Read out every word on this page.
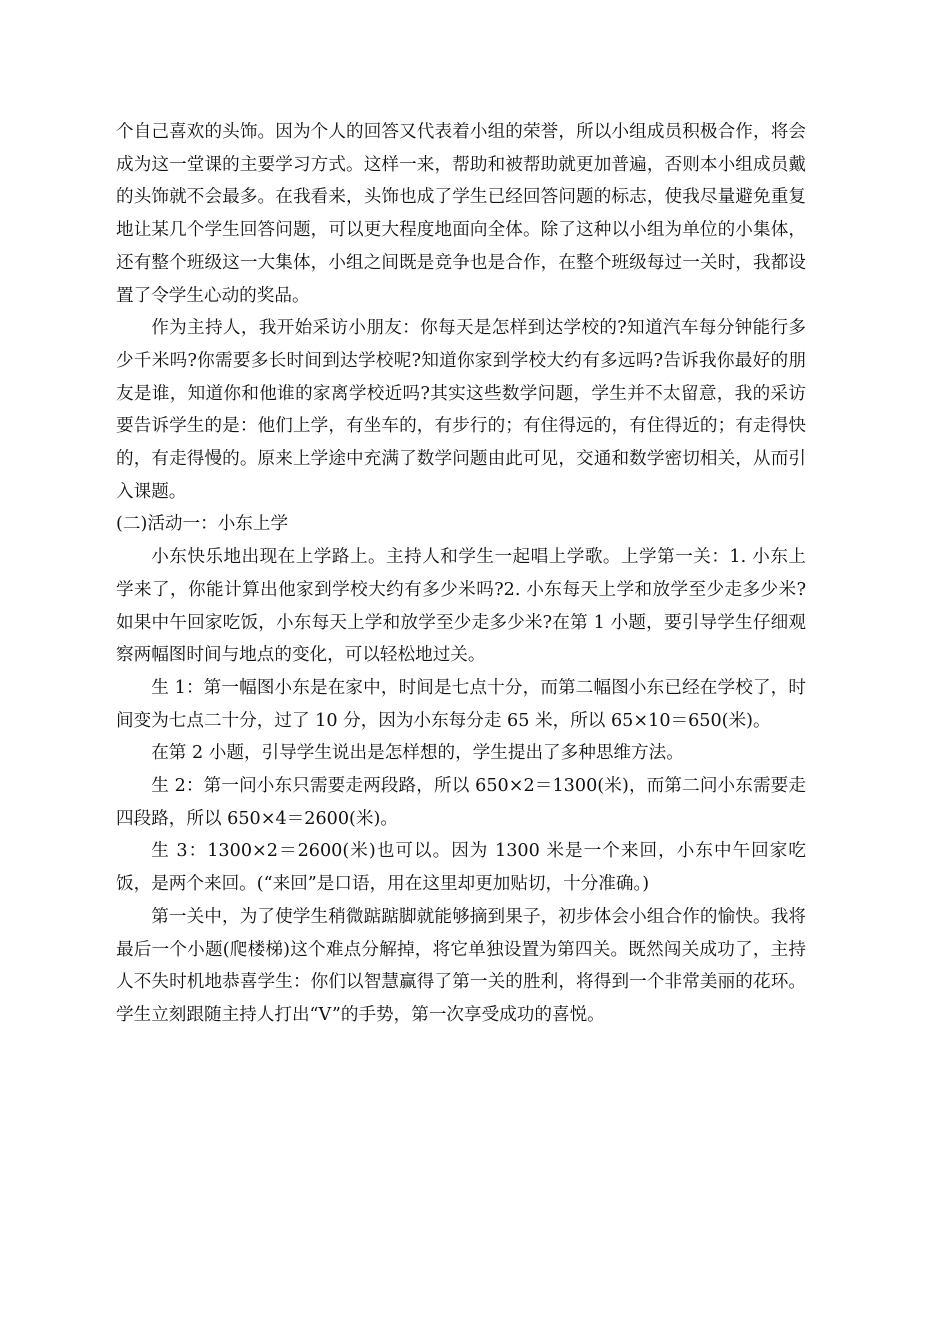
个自己喜欢的头饰。因为个人的回答又代表着小组的荣誉，所以小组成员积极合作，将会成为这一堂课的主要学习方式。这样一来，帮助和被帮助就更加普遍，否则本小组成员戴的头饰就不会最多。在我看来，头饰也成了学生已经回答问题的标志，使我尽量避免重复地让某几个学生回答问题，可以更大程度地面向全体。除了这种以小组为单位的小集体，还有整个班级这一大集体，小组之间既是竞争也是合作，在整个班级每过一关时，我都设置了令学生心动的奖品。

作为主持人，我开始采访小朋友：你每天是怎样到达学校的?知道汽车每分钟能行多少千米吗?你需要多长时间到达学校呢?知道你家到学校大约有多远吗?告诉我你最好的朋友是谁，知道你和他谁的家离学校近吗?其实这些数学问题，学生并不太留意，我的采访要告诉学生的是：他们上学，有坐车的，有步行的；有住得远的，有住得近的；有走得快的，有走得慢的。原来上学途中充满了数学问题由此可见，交通和数学密切相关，从而引入课题。

(二)活动一：小东上学

小东快乐地出现在上学路上。主持人和学生一起唱上学歌。上学第一关：1. 小东上学来了，你能计算出他家到学校大约有多少米吗?2. 小东每天上学和放学至少走多少米?如果中午回家吃饭，小东每天上学和放学至少走多少米?在第 1 小题，要引导学生仔细观察两幅图时间与地点的变化，可以轻松地过关。

生 1：第一幅图小东是在家中，时间是七点十分，而第二幅图小东已经在学校了，时间变为七点二十分，过了 10 分，因为小东每分走 65 米，所以 65×10＝650(米)。

在第 2 小题，引导学生说出是怎样想的，学生提出了多种思维方法。

生 2：第一问小东只需要走两段路，所以 650×2＝1300(米)，而第二问小东需要走四段路，所以 650×4＝2600(米)。

生 3：1300×2＝2600(米)也可以。因为 1300 米是一个来回，小东中午回家吃饭，是两个来回。(“来回”是口语，用在这里却更加贴切，十分准确。)

第一关中，为了使学生稍微踮踮脚就能够摘到果子，初步体会小组合作的愉快。我将最后一个小题(爬楼梯)这个难点分解掉，将它单独设置为第四关。既然闯关成功了，主持人不失时机地恭喜学生：你们以智慧赢得了第一关的胜利，将得到一个非常美丽的花环。学生立刻跟随主持人打出“V”的手势，第一次享受成功的喜悦。
